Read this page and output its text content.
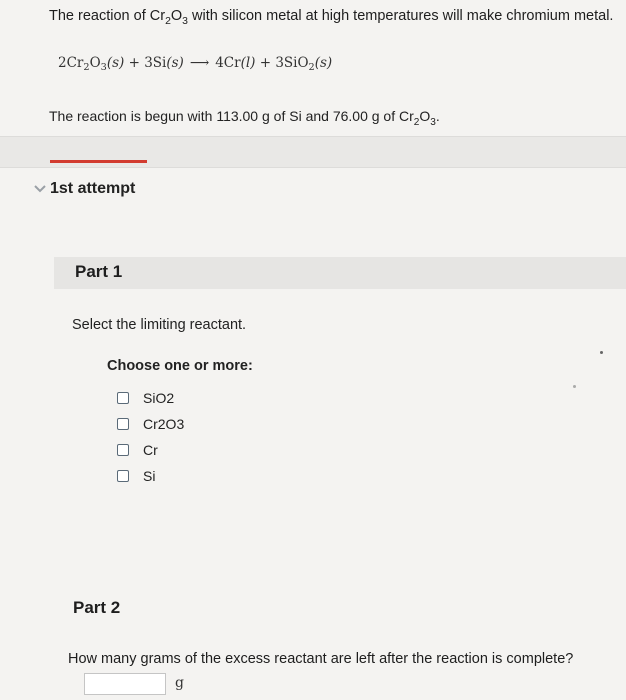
The reaction of $Cr_2O_3$ with silicon metal at high temperatures will make chromium metal.
$2Cr_2O_3(s) + 3Si(s)$ ⟶ 4Cr(l) + 3SiO$_2$(s)
The reaction is begun with 113.00 g of Si and 76.00 g of $Cr_2O_3$.
1st attempt
Part 1
Select the limiting reactant.
Choose one or more:
SiO2
Cr2O3
Cr
Si
Part 2
How many grams of the excess reactant are left after the reaction is complete?
g
